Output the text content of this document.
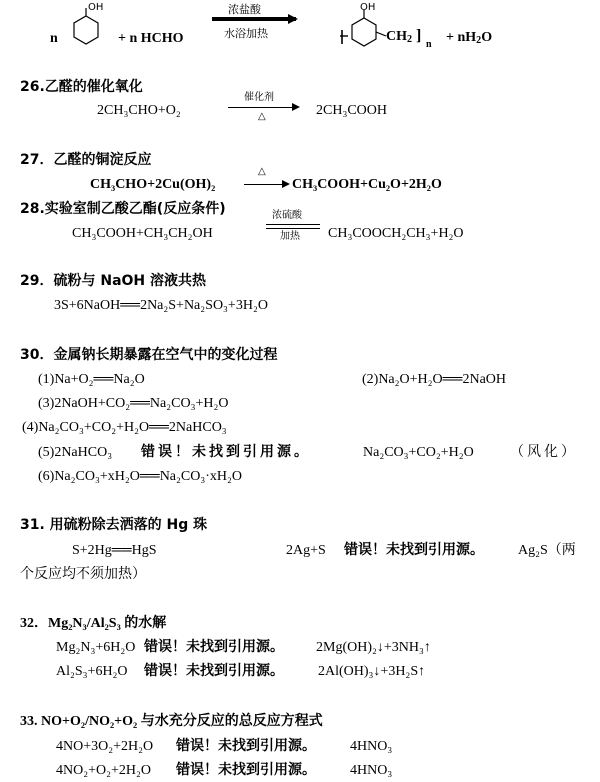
n
OH
+ n HCHO
浓盐酸
水浴加热
OH
$CH_2$ ]
$n + nH_2O$
26.乙醛的催化氧化
2CH₃CHO+O₂
催化剂
△	2CH₃COOH
27．乙醛的铜淀反应
CH₃CHO+2Cu(OH)₂
△
CH₃COOH+Cu₂O+2H₂O
28.实验室制乙酸乙酯(反应条件)
CH₃COOH+CH₃CH₂OH
浓硫酸
加热 CH₃COOCH₂CH₃+H₂O
29．硫粉与 NaOH 溶液共热
3S+6NaOH══2Na₂S+Na₂SO₃+3H₂O
30．金属钠长期暴露在空气中的变化过程
(1)Na+O₂══Na₂O	(2)Na₂O+H₂O══2NaOH
(3)2NaOH+CO₂══Na₂CO₃+H₂O
(4)Na₂CO₃+CO₂+H₂O══2NaHCO₃
(5)2NaHCO₃ 错误！未找到引用源。	Na₂CO₃+CO₂+H₂O	（风化）
(6)Na₂CO₃+xH₂O══Na₂CO₃·xH₂O
31. 用硫粉除去洒落的 Hg 珠
S+2Hg══HgS	2Ag+S 错误！未找到引用源。 Ag₂S（两
个反应均不须加热）
32．Mg₂N₃/Al₂S₃ 的水解
Mg₂N₃+6H₂O 错误！未找到引用源。 2Mg(OH)₂↓+3NH₃↑
Al₂S₃+6H₂O 错误！未找到引用源。 2Al(OH)₃↓+3H₂S↑
33. NO+O₂/NO₂+O₂ 与水充分反应的总反应方程式
4NO+3O₂+2H₂O 错误！未找到引用源。 4HNO₃
4NO₂+O₂+2H₂O 错误！未找到引用源。 4HNO₃
